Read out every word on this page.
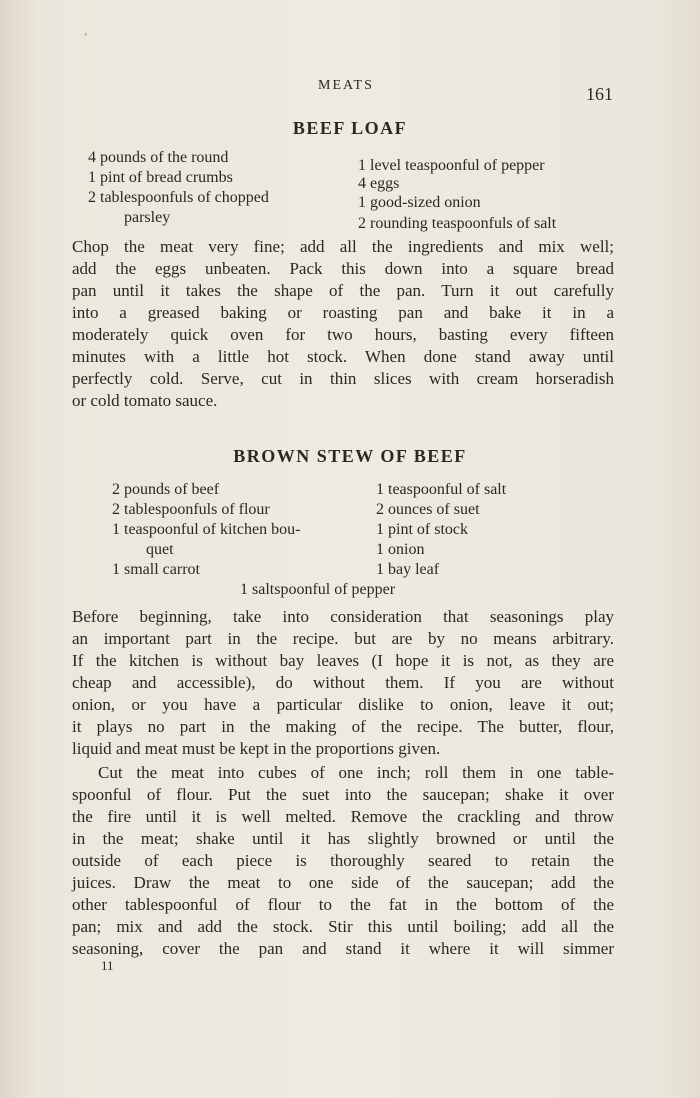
ʻ
MEATS	161
BEEF LOAF
4 pounds of the round
1 pint of bread crumbs
2 tablespoonfuls of chopped
parsley
1 level teaspoonful of pepper
4 eggs
1 good-sized onion
2 rounding teaspoonfuls of salt
Chop the meat very fine; add all the ingredients and mix well;
add the eggs unbeaten. Pack this down into a square bread
pan until it takes the shape of the pan. Turn it out carefully
into a greased baking or roasting pan and bake it in a
moderately quick oven for two hours, basting every fifteen
minutes with a little hot stock. When done stand away until
perfectly cold. Serve, cut in thin slices with cream horseradish
or cold tomato sauce.
BROWN STEW OF BEEF
2 pounds of beef
2 tablespoonfuls of flour
1 teaspoonful of kitchen bou-
quet
1 small carrot
1 teaspoonful of salt
2 ounces of suet
1 pint of stock
1 onion
1 bay leaf
1 saltspoonful of pepper
Before beginning, take into consideration that seasonings play
an important part in the recipe. but are by no means arbitrary.
If the kitchen is without bay leaves (I hope it is not, as they are
cheap and accessible), do without them. If you are without
onion, or you have a particular dislike to onion, leave it out;
it plays no part in the making of the recipe. The butter, flour,
liquid and meat must be kept in the proportions given.
Cut the meat into cubes of one inch; roll them in one table-
spoonful of flour. Put the suet into the saucepan; shake it over
the fire until it is well melted. Remove the crackling and throw
in the meat; shake until it has slightly browned or until the
outside of each piece is thoroughly seared to retain the
juices. Draw the meat to one side of the saucepan; add the
other tablespoonful of flour to the fat in the bottom of the
pan; mix and add the stock. Stir this until boiling; add all the
seasoning, cover the pan and stand it where it will simmer
11
